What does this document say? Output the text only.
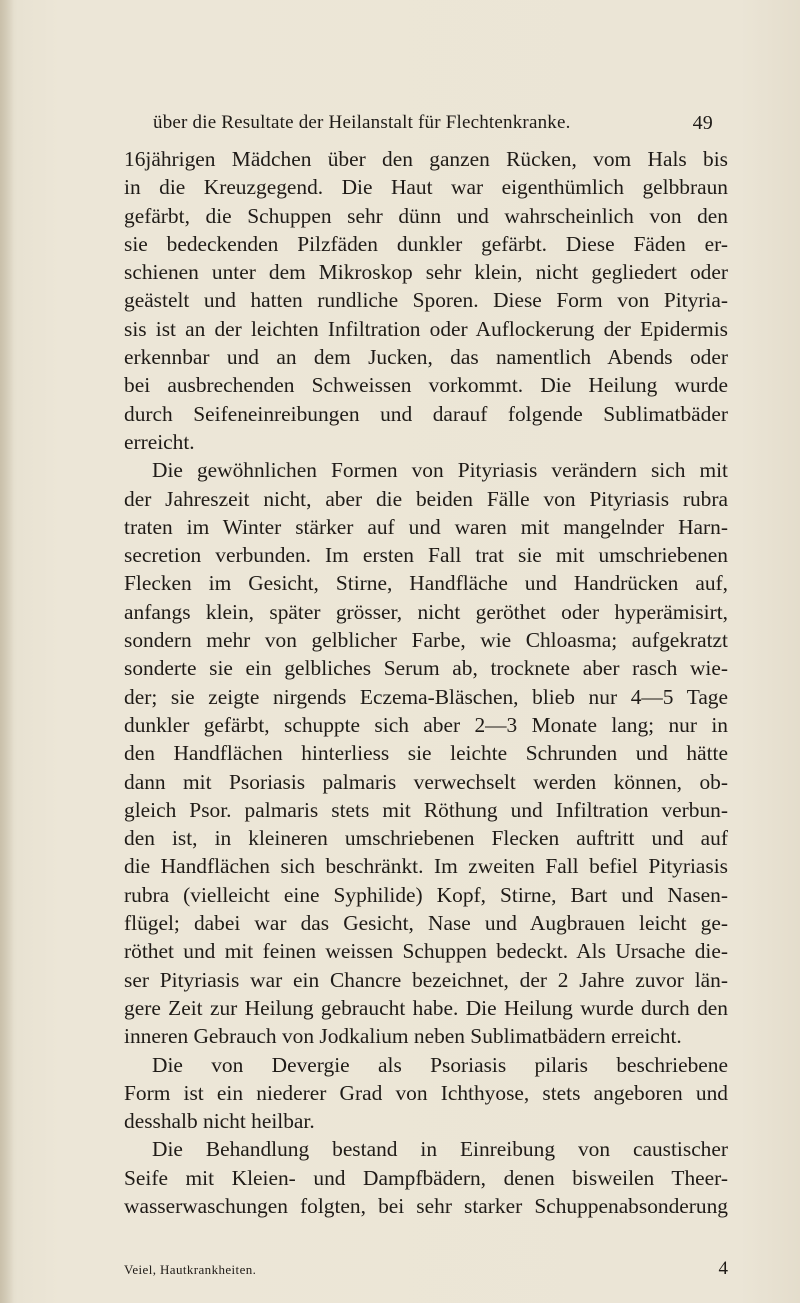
über die Resultate der Heilanstalt für Flechtenkranke.	49
16jährigen Mädchen über den ganzen Rücken, vom Hals bis
in die Kreuzgegend. Die Haut war eigenthümlich gelbbraun
gefärbt, die Schuppen sehr dünn und wahrscheinlich von den
sie bedeckenden Pilzfäden dunkler gefärbt. Diese Fäden er-
schienen unter dem Mikroskop sehr klein, nicht gegliedert oder
geästelt und hatten rundliche Sporen. Diese Form von Pityria-
sis ist an der leichten Infiltration oder Auflockerung der Epidermis
erkennbar und an dem Jucken, das namentlich Abends oder
bei ausbrechenden Schweissen vorkommt. Die Heilung wurde
durch Seifeneinreibungen und darauf folgende Sublimatbäder
erreicht.
Die gewöhnlichen Formen von Pityriasis verändern sich mit
der Jahreszeit nicht, aber die beiden Fälle von Pityriasis rubra
traten im Winter stärker auf und waren mit mangelnder Harn-
secretion verbunden. Im ersten Fall trat sie mit umschriebenen
Flecken im Gesicht, Stirne, Handfläche und Handrücken auf,
anfangs klein, später grösser, nicht geröthet oder hyperämisirt,
sondern mehr von gelblicher Farbe, wie Chloasma; aufgekratzt
sonderte sie ein gelbliches Serum ab, trocknete aber rasch wie-
der; sie zeigte nirgends Eczema-Bläschen, blieb nur 4—5 Tage
dunkler gefärbt, schuppte sich aber 2—3 Monate lang; nur in
den Handflächen hinterliess sie leichte Schrunden und hätte
dann mit Psoriasis palmaris verwechselt werden können, ob-
gleich Psor. palmaris stets mit Röthung und Infiltration verbun-
den ist, in kleineren umschriebenen Flecken auftritt und auf
die Handflächen sich beschränkt. Im zweiten Fall befiel Pityriasis
rubra (vielleicht eine Syphilide) Kopf, Stirne, Bart und Nasen-
flügel; dabei war das Gesicht, Nase und Augbrauen leicht ge-
röthet und mit feinen weissen Schuppen bedeckt. Als Ursache die-
ser Pityriasis war ein Chancre bezeichnet, der 2 Jahre zuvor län-
gere Zeit zur Heilung gebraucht habe. Die Heilung wurde durch den
inneren Gebrauch von Jodkalium neben Sublimatbädern erreicht.
Die von Devergie als Psoriasis pilaris beschriebene
Form ist ein niederer Grad von Ichthyose, stets angeboren und
desshalb nicht heilbar.
Die Behandlung bestand in Einreibung von caustischer
Seife mit Kleien- und Dampfbädern, denen bisweilen Theer-
wasserwaschungen folgten, bei sehr starker Schuppenabsonderung
Veiel, Hautkrankheiten.	4
